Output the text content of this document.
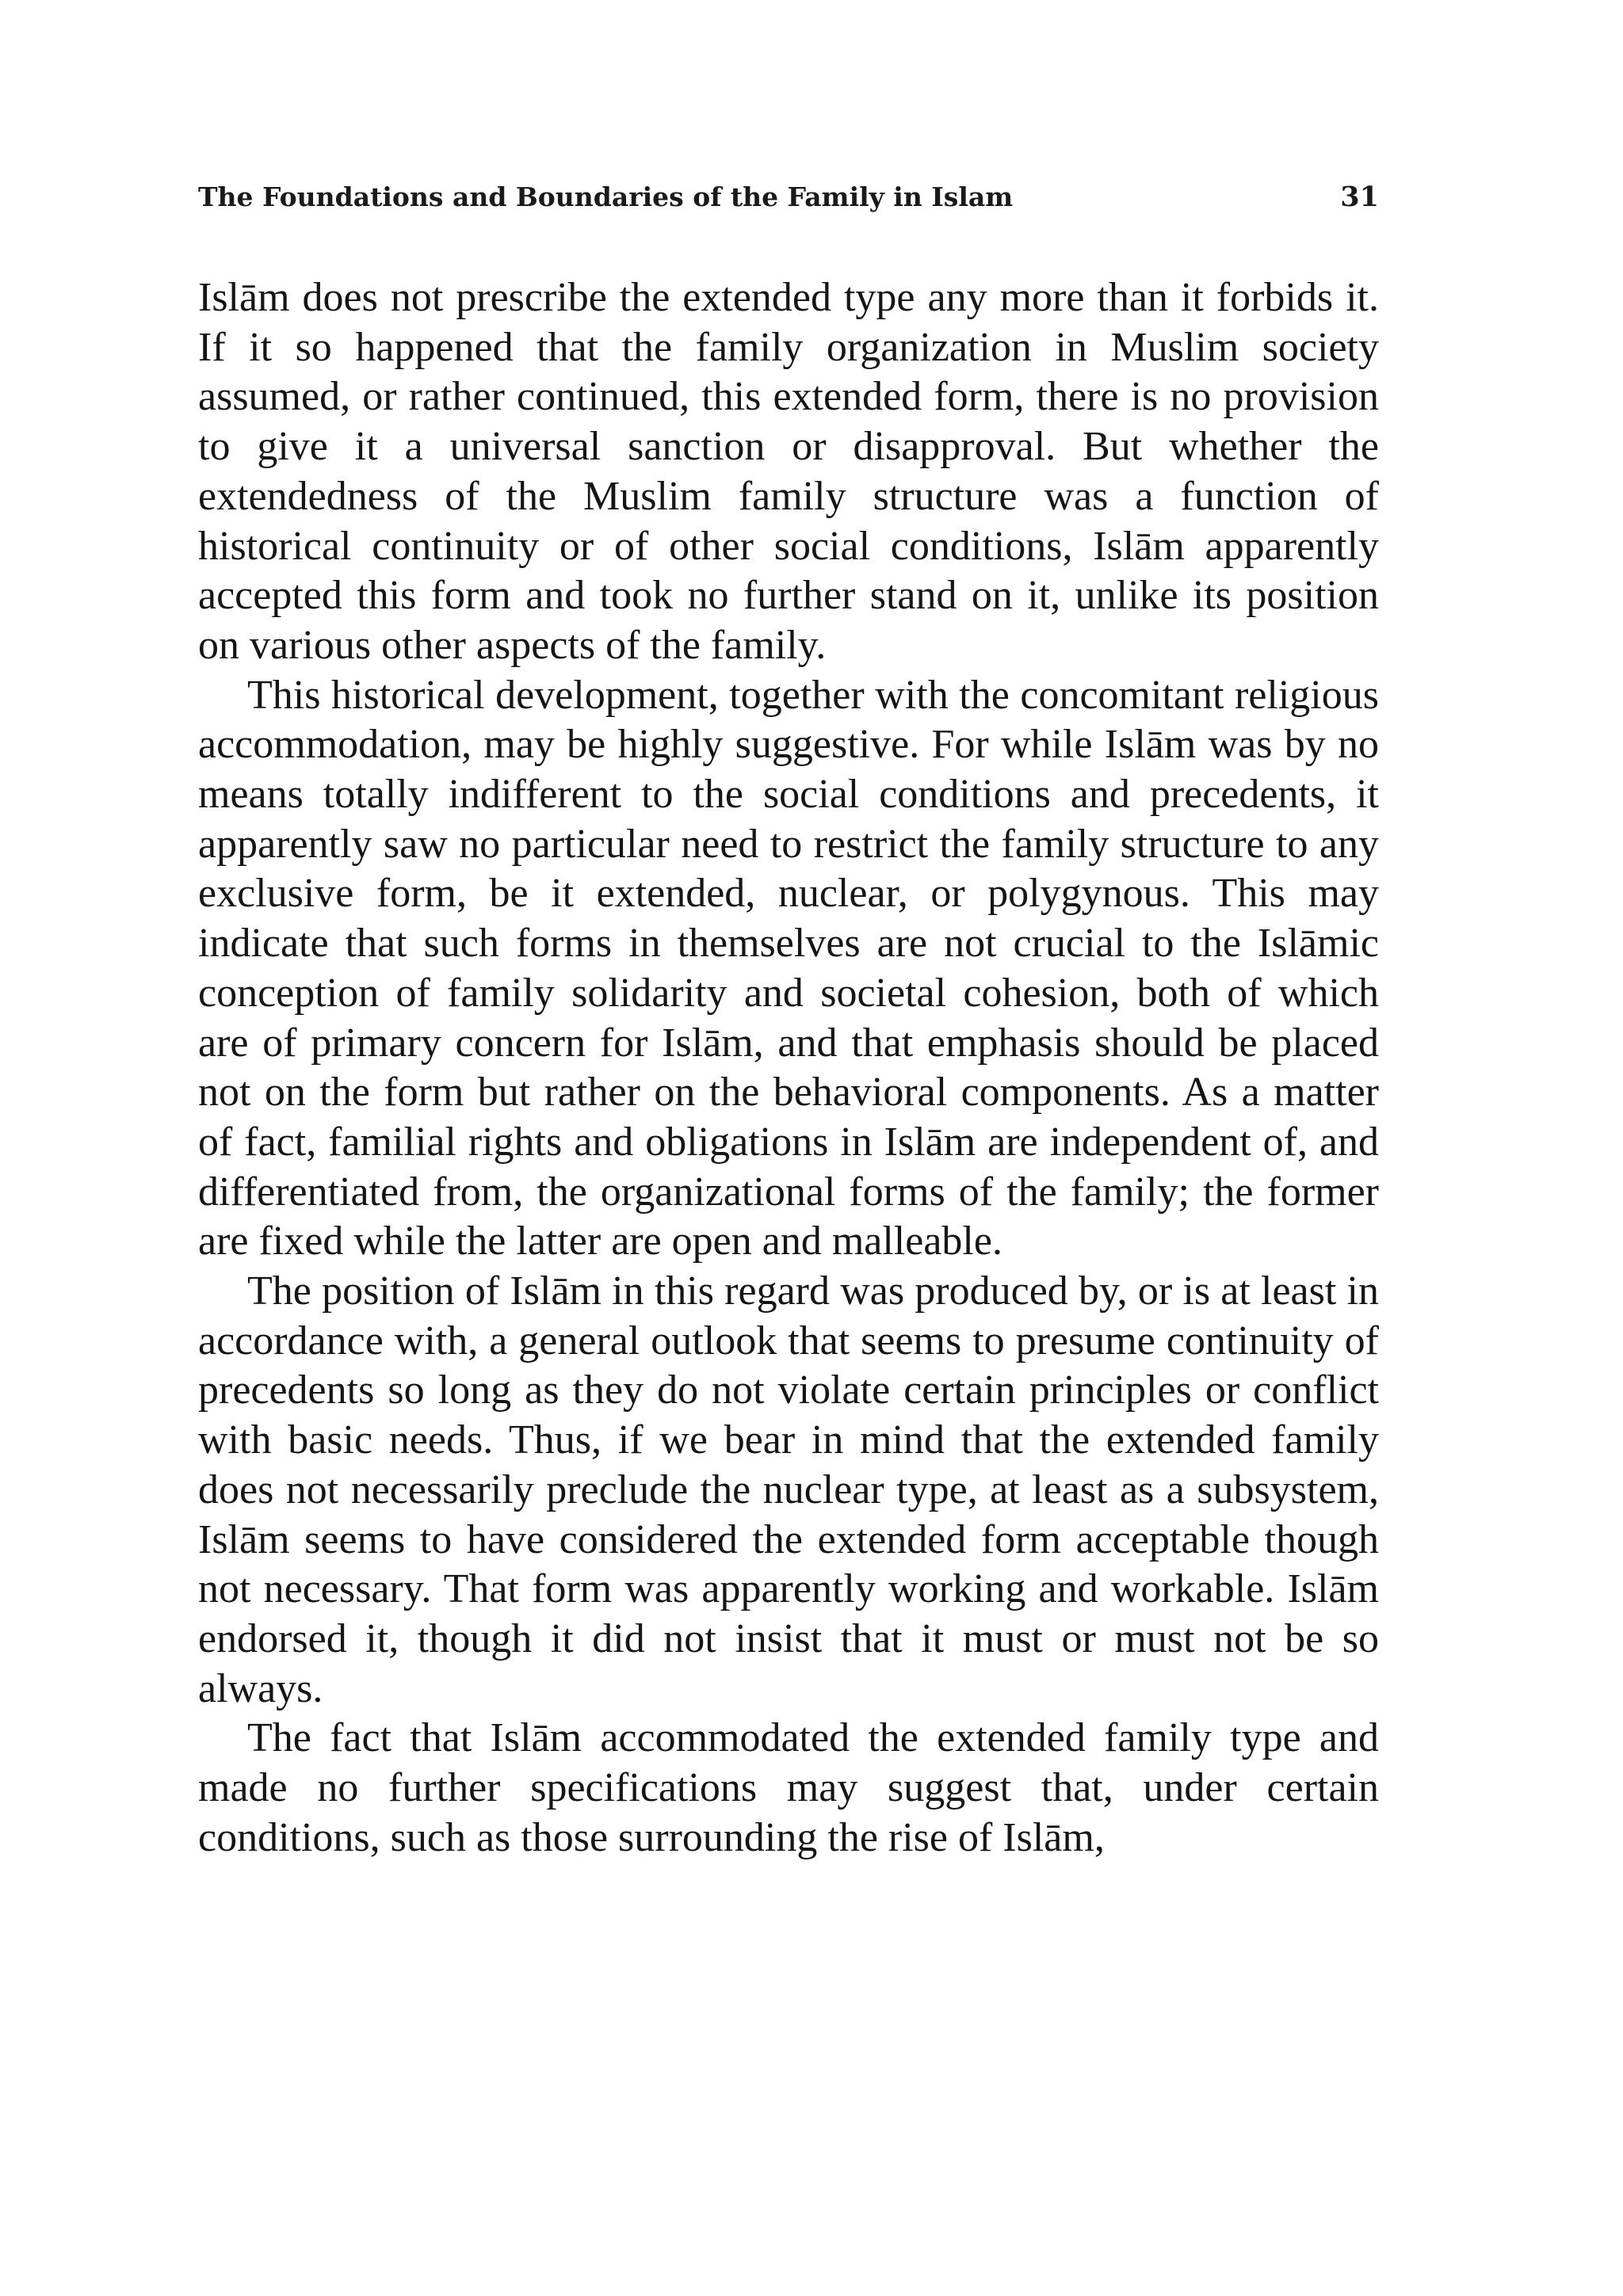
The Foundations and Boundaries of the Family in Islam	31

Islām does not prescribe the extended type any more than it forbids it. If it so happened that the family organization in Muslim society assumed, or rather continued, this extended form, there is no provision to give it a universal sanction or disapproval. But whether the extendedness of the Muslim family structure was a function of historical continuity or of other social conditions, Islām apparently accepted this form and took no further stand on it, unlike its position on various other aspects of the family.

This historical development, together with the concomitant religious accommodation, may be highly suggestive. For while Islām was by no means totally indifferent to the social conditions and precedents, it apparently saw no particular need to restrict the family structure to any exclusive form, be it extended, nuclear, or polygynous. This may indicate that such forms in themselves are not crucial to the Islāmic conception of family solidarity and societal cohesion, both of which are of primary concern for Islām, and that emphasis should be placed not on the form but rather on the behavioral components. As a matter of fact, familial rights and obligations in Islām are independent of, and differentiated from, the organizational forms of the family; the former are fixed while the latter are open and malleable.

The position of Islām in this regard was produced by, or is at least in accordance with, a general outlook that seems to presume continuity of precedents so long as they do not violate certain principles or conflict with basic needs. Thus, if we bear in mind that the extended family does not necessarily preclude the nuclear type, at least as a subsystem, Islām seems to have considered the extended form acceptable though not necessary. That form was apparently working and workable. Islām endorsed it, though it did not insist that it must or must not be so always.

The fact that Islām accommodated the extended family type and made no further specifications may suggest that, under certain conditions, such as those surrounding the rise of Islām,
